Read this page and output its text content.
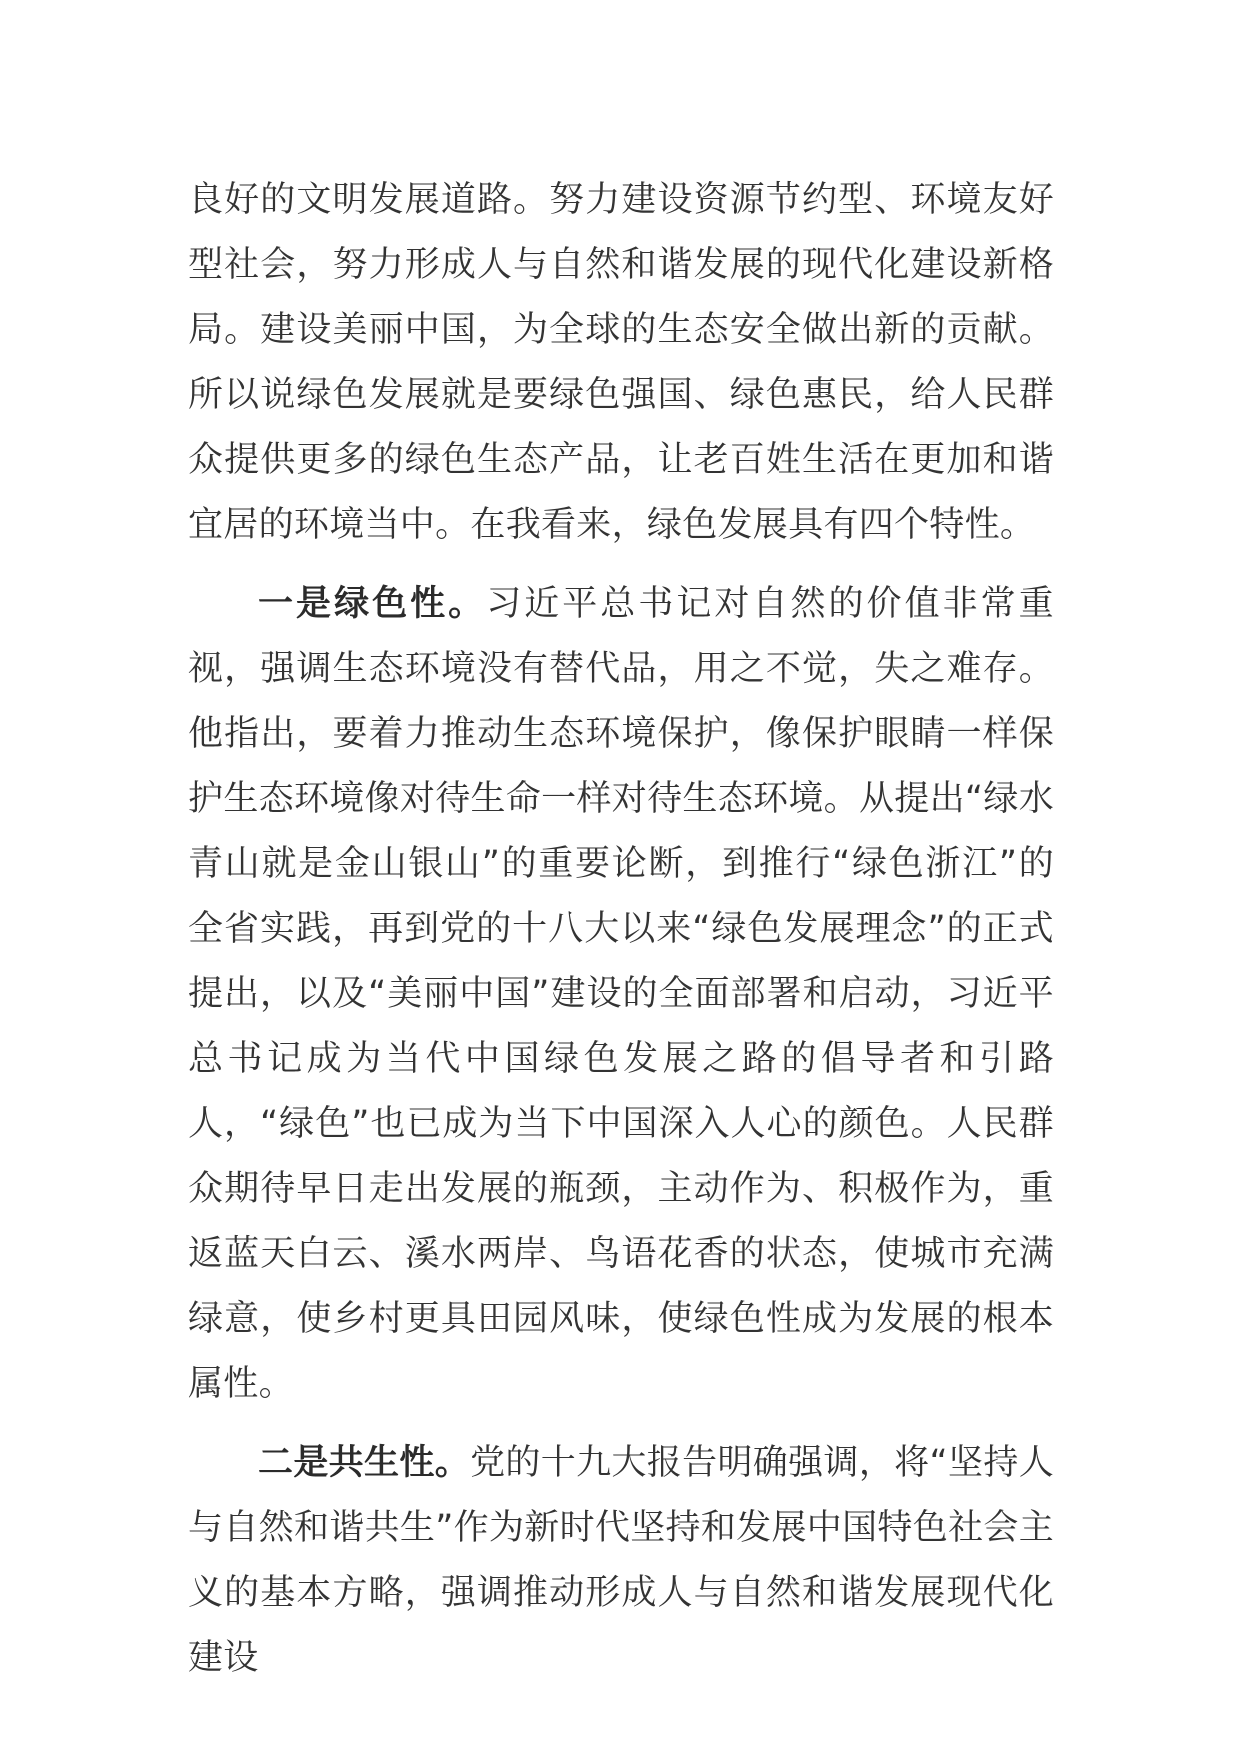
良好的文明发展道路。努力建设资源节约型、环境友好型社会，努力形成人与自然和谐发展的现代化建设新格局。建设美丽中国，为全球的生态安全做出新的贡献。所以说绿色发展就是要绿色强国、绿色惠民，给人民群众提供更多的绿色生态产品，让老百姓生活在更加和谐宜居的环境当中。在我看来，绿色发展具有四个特性。

一是绿色性。习近平总书记对自然的价值非常重视，强调生态环境没有替代品，用之不觉，失之难存。他指出，要着力推动生态环境保护，像保护眼睛一样保护生态环境像对待生命一样对待生态环境。从提出“绿水青山就是金山银山”的重要论断，到推行“绿色浙江”的全省实践，再到党的十八大以来“绿色发展理念”的正式提出，以及“美丽中国”建设的全面部署和启动，习近平总书记成为当代中国绿色发展之路的倡导者和引路人，“绿色”也已成为当下中国深入人心的颜色。人民群众期待早日走出发展的瓶颈，主动作为、积极作为，重返蓝天白云、溪水两岸、鸟语花香的状态，使城市充满绿意，使乡村更具田园风味，使绿色性成为发展的根本属性。

二是共生性。党的十九大报告明确强调，将“坚持人与自然和谐共生”作为新时代坚持和发展中国特色社会主义的基本方略，强调推动形成人与自然和谐发展现代化建设
